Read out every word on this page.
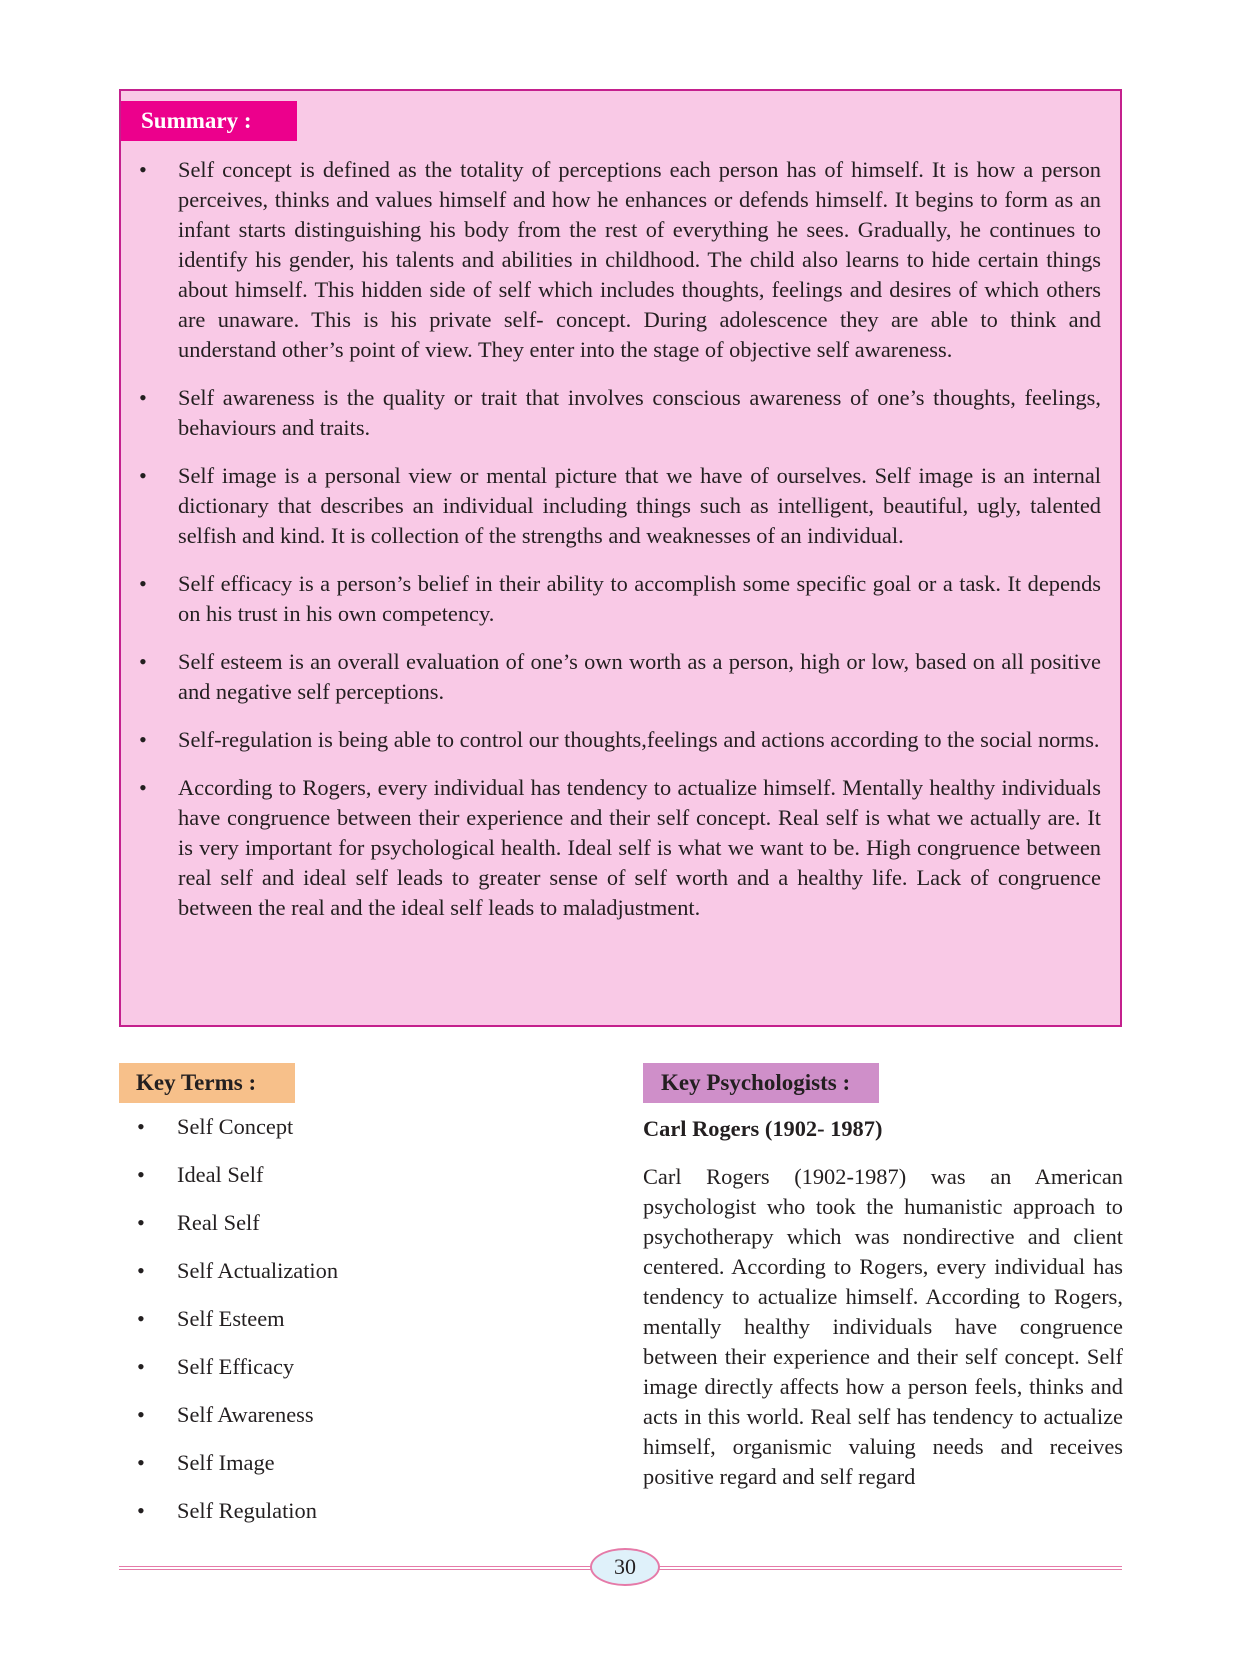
Summary :
• Self concept is defined as the totality of perceptions each person has of himself. It is how a person perceives, thinks and values himself and how he enhances or defends himself. It begins to form as an infant starts distinguishing his body from the rest of everything he sees. Gradually, he continues to identify his gender, his talents and abilities in childhood. The child also learns to hide certain things about himself. This hidden side of self which includes thoughts, feelings and desires of which others are unaware. This is his private self- concept. During adolescence they are able to think and understand other’s point of view. They enter into the stage of objective self awareness.
• Self awareness is the quality or trait that involves conscious awareness of one’s thoughts, feelings, behaviours and traits.
• Self image is a personal view or mental picture that we have of ourselves. Self image is an internal dictionary that describes an individual including things such as intelligent, beautiful, ugly, talented selfish and kind. It is collection of the strengths and weaknesses of an individual.
• Self efficacy is a person’s belief in their ability to accomplish some specific goal or a task. It depends on his trust in his own competency.
• Self esteem is an overall evaluation of one’s own worth as a person, high or low, based on all positive and negative self perceptions.
• Self-regulation is being able to control our thoughts,feelings and actions according to the social norms.
• According to Rogers, every individual has tendency to actualize himself. Mentally healthy individuals have congruence between their experience and their self concept. Real self is what we actually are. It is very important for psychological health. Ideal self is what we want to be. High congruence between real self and ideal self leads to greater sense of self worth and a healthy life. Lack of congruence between the real and the ideal self leads to maladjustment.
Key Terms :
• Self Concept
• Ideal Self
• Real Self
• Self Actualization
• Self Esteem
• Self Efficacy
• Self Awareness
• Self Image
• Self Regulation
Key Psychologists :
Carl Rogers (1902- 1987)
Carl Rogers (1902-1987) was an American psychologist who took the humanistic approach to psychotherapy which was nondirective and client centered. According to Rogers, every individual has tendency to actualize himself. According to Rogers, mentally healthy individuals have congruence between their experience and their self concept. Self image directly affects how a person feels, thinks and acts in this world. Real self has tendency to actualize himself, organismic valuing needs and receives positive regard and self regard
30
